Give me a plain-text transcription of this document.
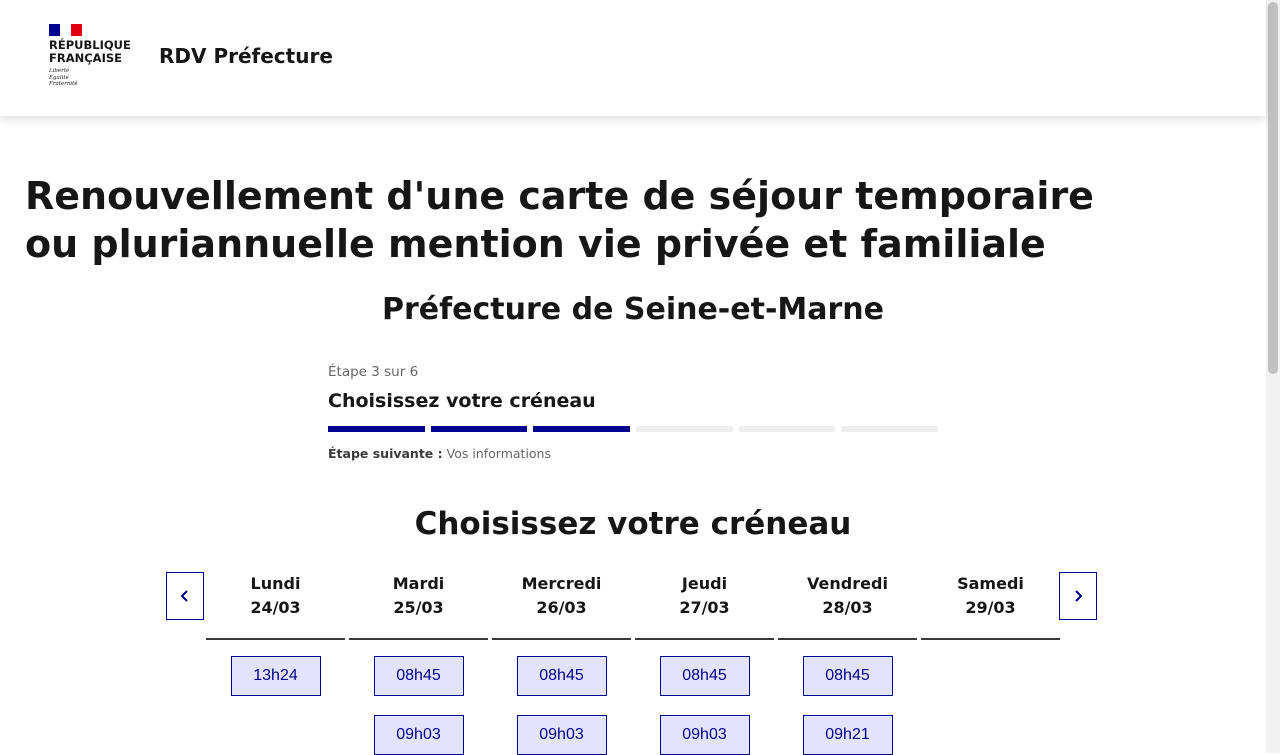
RÉPUBLIQUE
FRANÇAISE
Liberté
Égalité
Fraternité
RDV Préfecture
Renouvellement d'une carte de séjour temporaire ou pluriannuelle mention vie privée et familiale
Préfecture de Seine-et-Marne
Étape 3 sur 6
Choisissez votre créneau
Étape suivante : Vos informations
Choisissez votre créneau
Lundi
24/03
13h24
Mardi
25/03
08h45
09h03
Mercredi
26/03
08h45
09h03
Jeudi
27/03
08h45
09h03
Vendredi
28/03
08h45
09h21
Samedi
29/03
